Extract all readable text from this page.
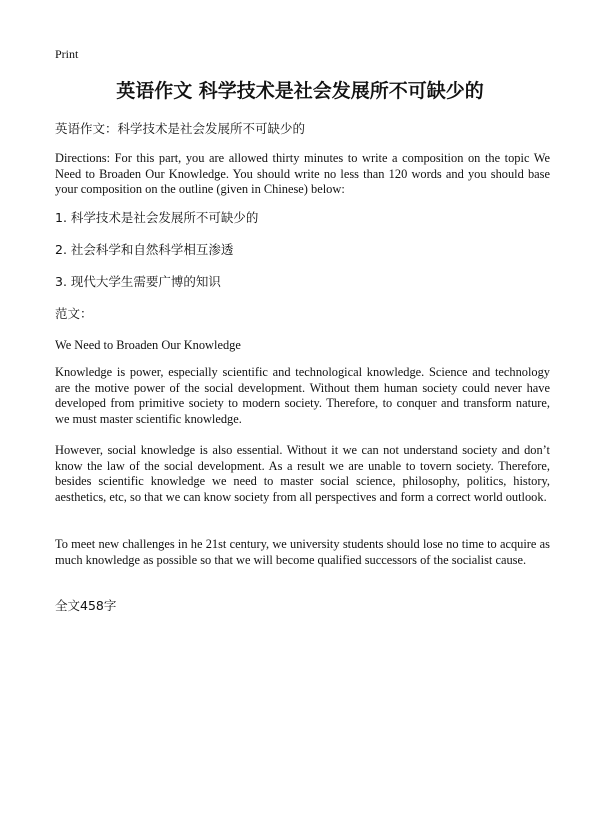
Print
英语作文 科学技术是社会发展所不可缺少的
英语作文：科学技术是社会发展所不可缺少的

Directions: For this part, you are allowed thirty minutes to write a composition on the topic We Need to Broaden Our Knowledge. You should write no less than 120 words and you should base your composition on the outline (given in Chinese) below:

1. 科学技术是社会发展所不可缺少的
2. 社会科学和自然科学相互渗透
3. 现代大学生需要广博的知识
范文：
We Need to Broaden Our Knowledge

Knowledge is power, especially scientific and technological knowledge. Science and technology are the motive power of the social development. Without them human society could never have developed from primitive society to modern society. Therefore, to conquer and transform nature, we must master scientific knowledge.

However, social knowledge is also essential. Without it we can not understand society and don’t know the law of the social development. As a result we are unable to tovern society. Therefore, besides scientific knowledge we need to master social science, philosophy, politics, history, aesthetics, etc, so that we can know society from all perspectives and form a correct world outlook.

To meet new challenges in he 21st century, we university students should lose no time to acquire as much knowledge as possible so that we will become qualified successors of the socialist cause.

全文458字
